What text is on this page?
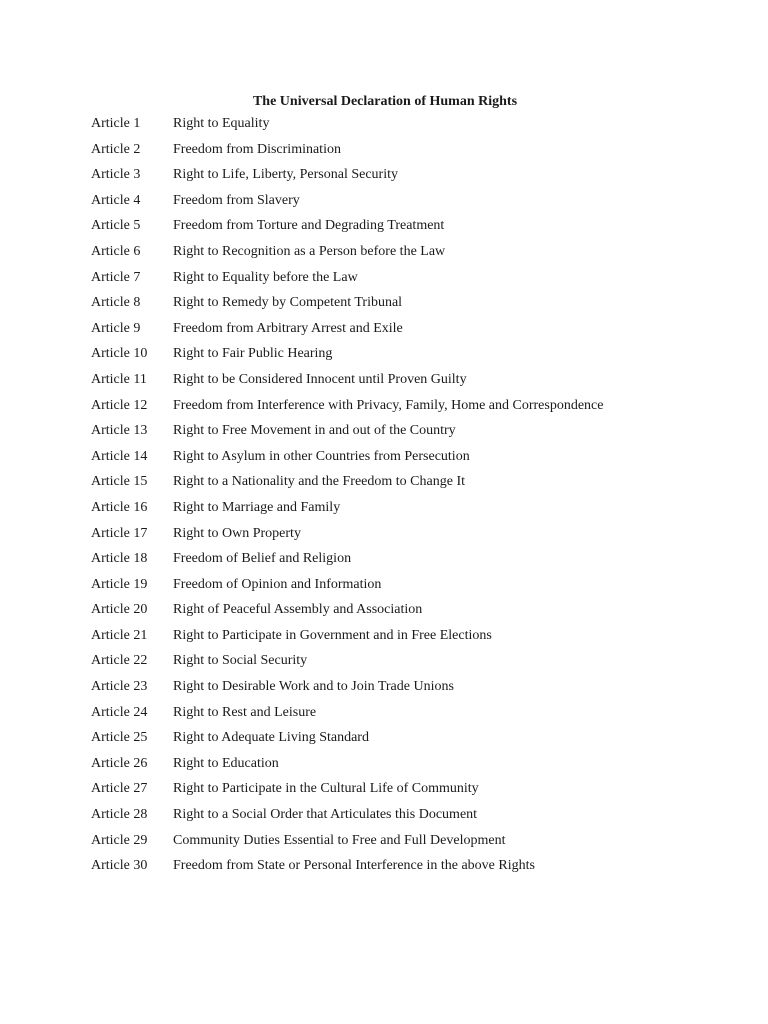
The Universal Declaration of Human Rights
Article 1	Right to Equality
Article 2	Freedom from Discrimination
Article 3	Right to Life, Liberty, Personal Security
Article 4	Freedom from Slavery
Article 5	Freedom from Torture and Degrading Treatment
Article 6	Right to Recognition as a Person before the Law
Article 7	Right to Equality before the Law
Article 8	Right to Remedy by Competent Tribunal
Article 9	Freedom from Arbitrary Arrest and Exile
Article 10	Right to Fair Public Hearing
Article 11	Right to be Considered Innocent until Proven Guilty
Article 12	Freedom from Interference with Privacy, Family, Home and Correspondence
Article 13	Right to Free Movement in and out of the Country
Article 14	Right to Asylum in other Countries from Persecution
Article 15	Right to a Nationality and the Freedom to Change It
Article 16	Right to Marriage and Family
Article 17	Right to Own Property
Article 18	Freedom of Belief and Religion
Article 19	Freedom of Opinion and Information
Article 20	Right of Peaceful Assembly and Association
Article 21	Right to Participate in Government and in Free Elections
Article 22	Right to Social Security
Article 23	Right to Desirable Work and to Join Trade Unions
Article 24	Right to Rest and Leisure
Article 25	Right to Adequate Living Standard
Article 26	Right to Education
Article 27	Right to Participate in the Cultural Life of Community
Article 28	Right to a Social Order that Articulates this Document
Article 29	Community Duties Essential to Free and Full Development
Article 30	Freedom from State or Personal Interference in the above Rights
